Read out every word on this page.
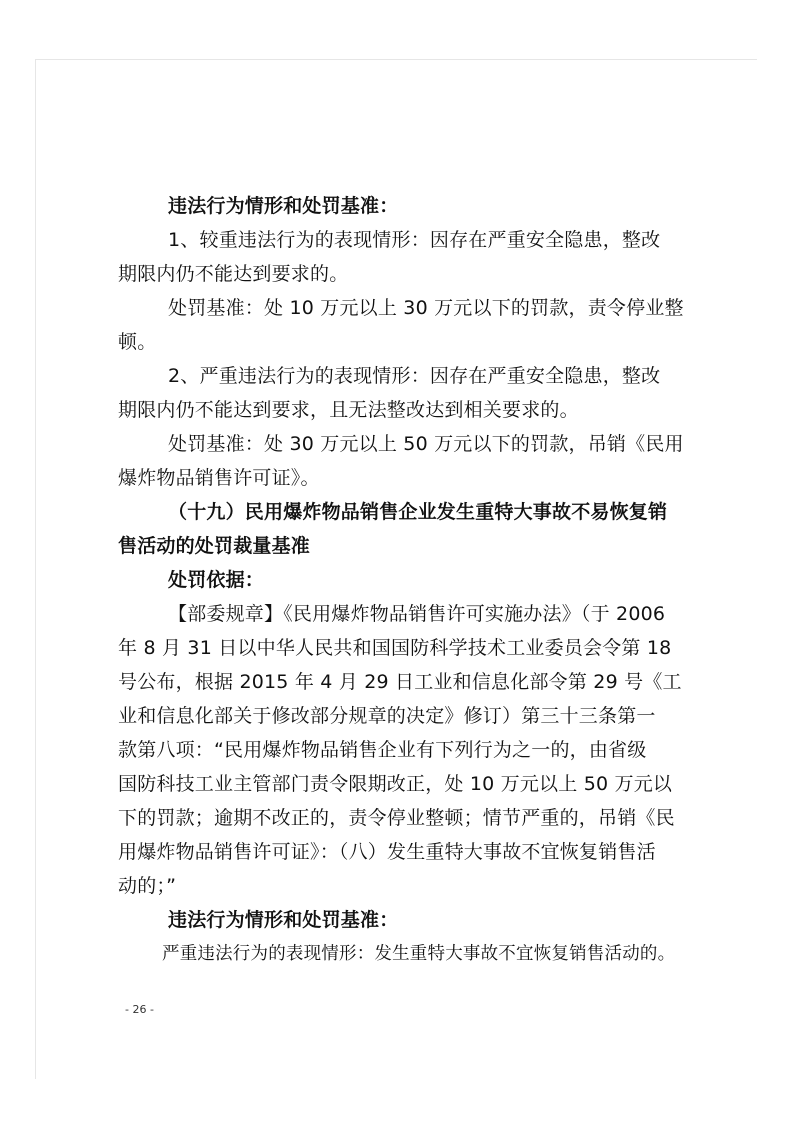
违法行为情形和处罚基准：

1、较重违法行为的表现情形：因存在严重安全隐患，整改

期限内仍不能达到要求的。

处罚基准：处 10 万元以上 30 万元以下的罚款，责令停业整

顿。

2、严重违法行为的表现情形：因存在严重安全隐患，整改

期限内仍不能达到要求，且无法整改达到相关要求的。

处罚基准：处 30 万元以上 50 万元以下的罚款，吊销《民用

爆炸物品销售许可证》。

（十九）民用爆炸物品销售企业发生重特大事故不易恢复销

售活动的处罚裁量基准

处罚依据：

【部委规章】《民用爆炸物品销售许可实施办法》（于 2006

年 8 月 31 日以中华人民共和国国防科学技术工业委员会令第 18

号公布，根据 2015 年 4 月 29 日工业和信息化部令第 29 号《工

业和信息化部关于修改部分规章的决定》修订）第三十三条第一

款第八项：“民用爆炸物品销售企业有下列行为之一的，由省级

国防科技工业主管部门责令限期改正，处 10 万元以上 50 万元以

下的罚款；逾期不改正的，责令停业整顿；情节严重的，吊销《民

用爆炸物品销售许可证》：（八）发生重特大事故不宜恢复销售活

动的；”

违法行为情形和处罚基准：

严重违法行为的表现情形：发生重特大事故不宜恢复销售活动的。

- 26 -
